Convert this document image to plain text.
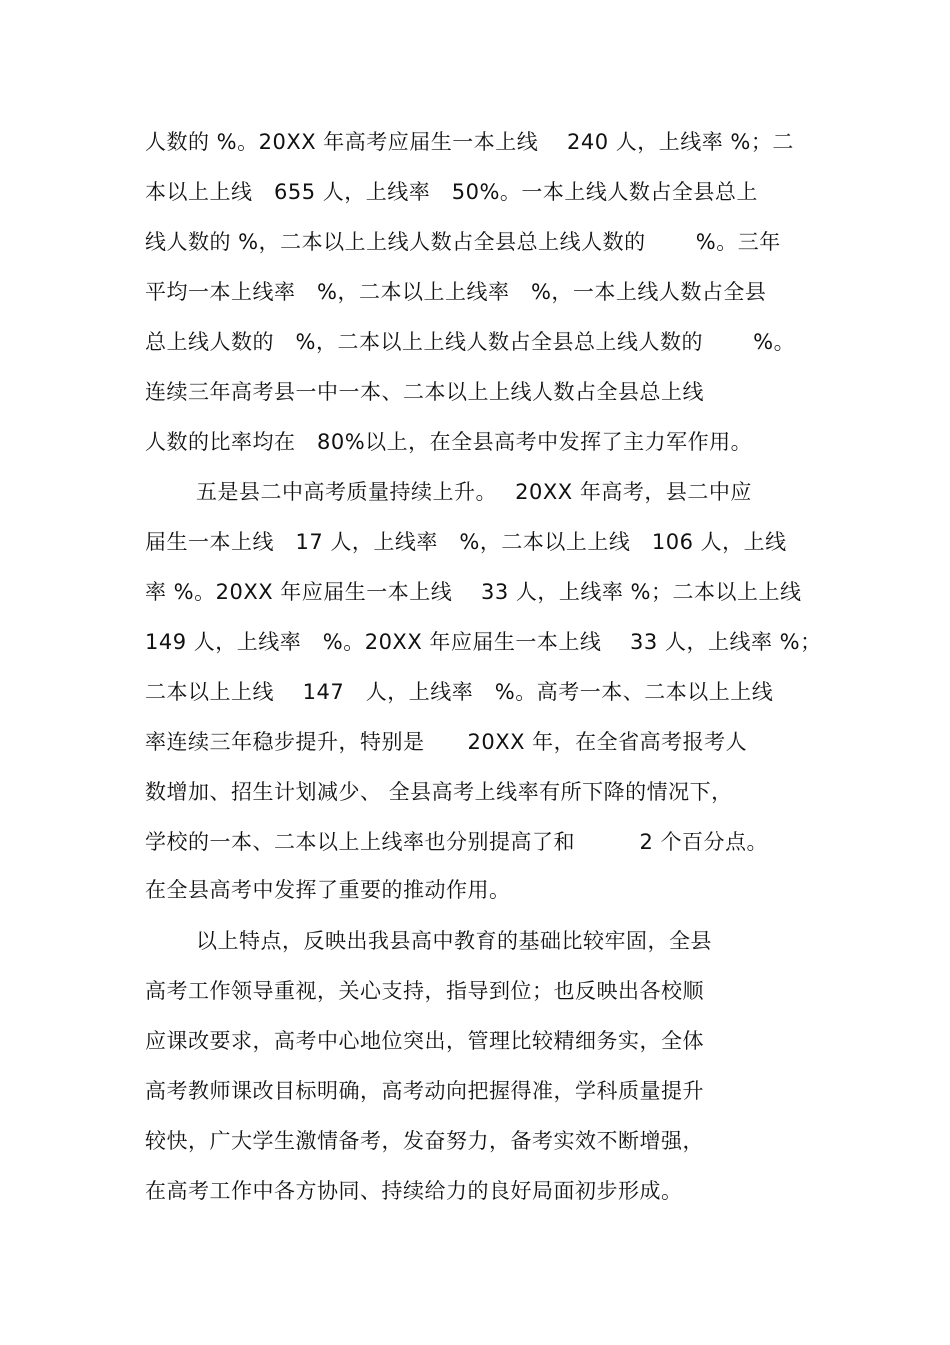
人数的 %。20XX 年高考应届生一本上线　 240 人，上线率 %；二
本以上上线　655 人，上线率　50%。一本上线人数占全县总上
线人数的 %，二本以上上线人数占全县总上线人数的　　 %。三年
平均一本上线率　%，二本以上上线率　%，一本上线人数占全县
总上线人数的　%，二本以上上线人数占全县总上线人数的　　 %。
连续三年高考县一中一本、二本以上上线人数占全县总上线
人数的比率均在　80%以上，在全县高考中发挥了主力军作用。
五是县二中高考质量持续上升。　 20XX 年高考，县二中应
届生一本上线　17 人，上线率　%，二本以上上线　106 人，上线
率 %。20XX 年应届生一本上线　 33 人，上线率 %；二本以上上线
149 人，上线率　%。20XX 年应届生一本上线　 33 人，上线率 %；
二本以上上线　 147　人，上线率　%。高考一本、二本以上上线
率连续三年稳步提升，特别是　　20XX 年，在全省高考报考人
数增加、招生计划减少、 全县高考上线率有所下降的情况下，
学校的一本、二本以上上线率也分别提高了和　　　2 个百分点。
在全县高考中发挥了重要的推动作用。
以上特点，反映出我县高中教育的基础比较牢固，全县
高考工作领导重视，关心支持，指导到位；也反映出各校顺
应课改要求，高考中心地位突出，管理比较精细务实，全体
高考教师课改目标明确，高考动向把握得准，学科质量提升
较快，广大学生激情备考，发奋努力，备考实效不断增强，
在高考工作中各方协同、持续给力的良好局面初步形成。
